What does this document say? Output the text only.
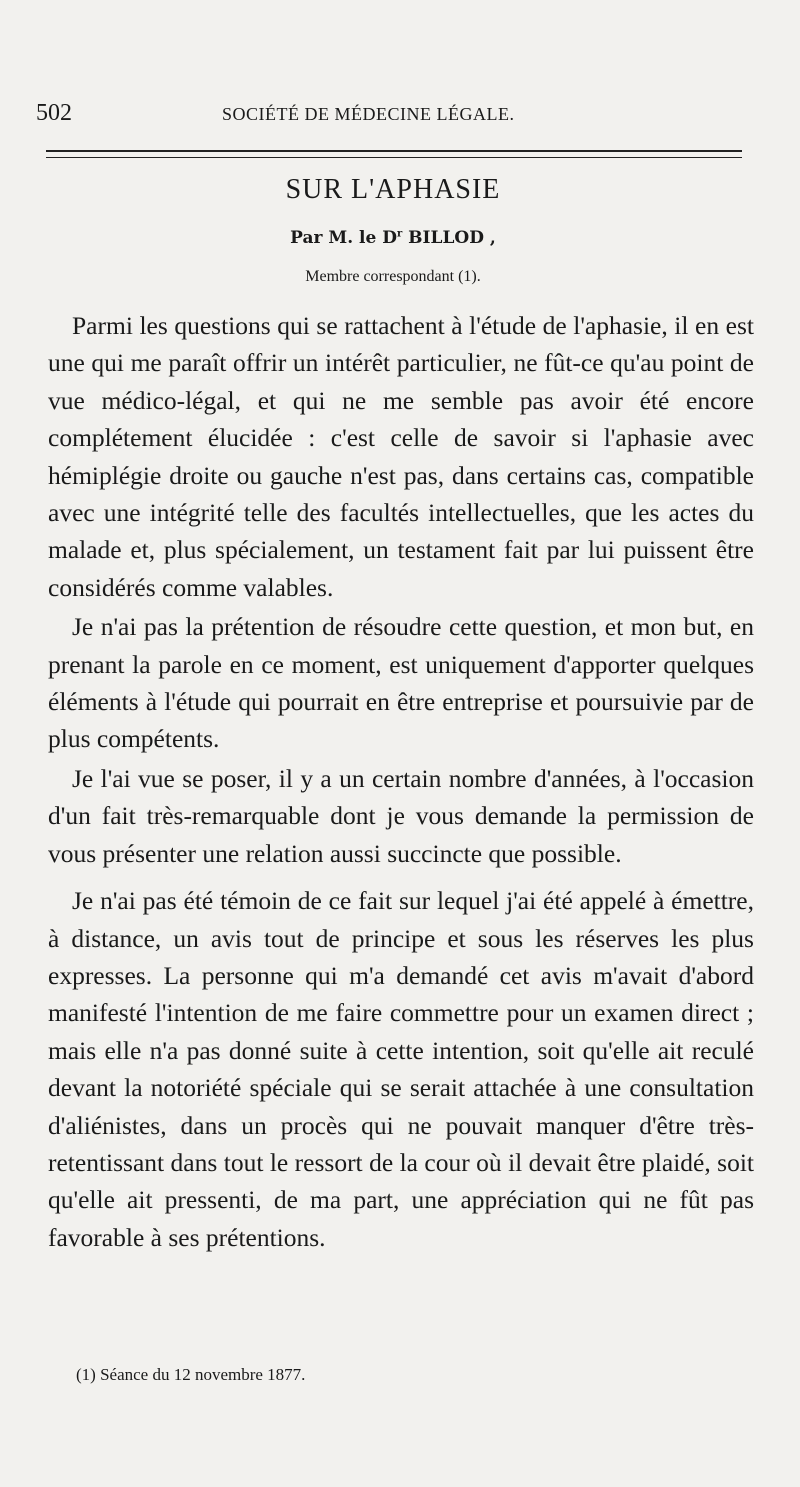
502	SOCIÉTÉ DE MÉDECINE LÉGALE.
SUR L'APHASIE
Par M. le $D^r$ BILLOD ,
Membre correspondant (1).

Parmi les questions qui se rattachent à l'étude de l'aphasie, il en est une qui me paraît offrir un intérêt particulier, ne fût-ce qu'au point de vue médico-légal, et qui ne me semble pas avoir été encore complétement élucidée : c'est celle de savoir si l'aphasie avec hémiplégie droite ou gauche n'est pas, dans certains cas, compatible avec une intégrité telle des facultés intellectuelles, que les actes du malade et, plus spécialement, un testament fait par lui puissent être considérés comme valables.

Je n'ai pas la prétention de résoudre cette question, et mon but, en prenant la parole en ce moment, est uniquement d'apporter quelques éléments à l'étude qui pourrait en être entreprise et poursuivie par de plus compétents.

Je l'ai vue se poser, il y a un certain nombre d'années, à l'occasion d'un fait très-remarquable dont je vous demande la permission de vous présenter une relation aussi succincte que possible.

Je n'ai pas été témoin de ce fait sur lequel j'ai été appelé à émettre, à distance, un avis tout de principe et sous les réserves les plus expresses. La personne qui m'a demandé cet avis m'avait d'abord manifesté l'intention de me faire commettre pour un examen direct ; mais elle n'a pas donné suite à cette intention, soit qu'elle ait reculé devant la notoriété spéciale qui se serait attachée à une consultation d'aliénistes, dans un procès qui ne pouvait manquer d'être très-retentissant dans tout le ressort de la cour où il devait être plaidé, soit qu'elle ait pressenti, de ma part, une appréciation qui ne fût pas favorable à ses prétentions.

(1) Séance du 12 novembre 1877.
